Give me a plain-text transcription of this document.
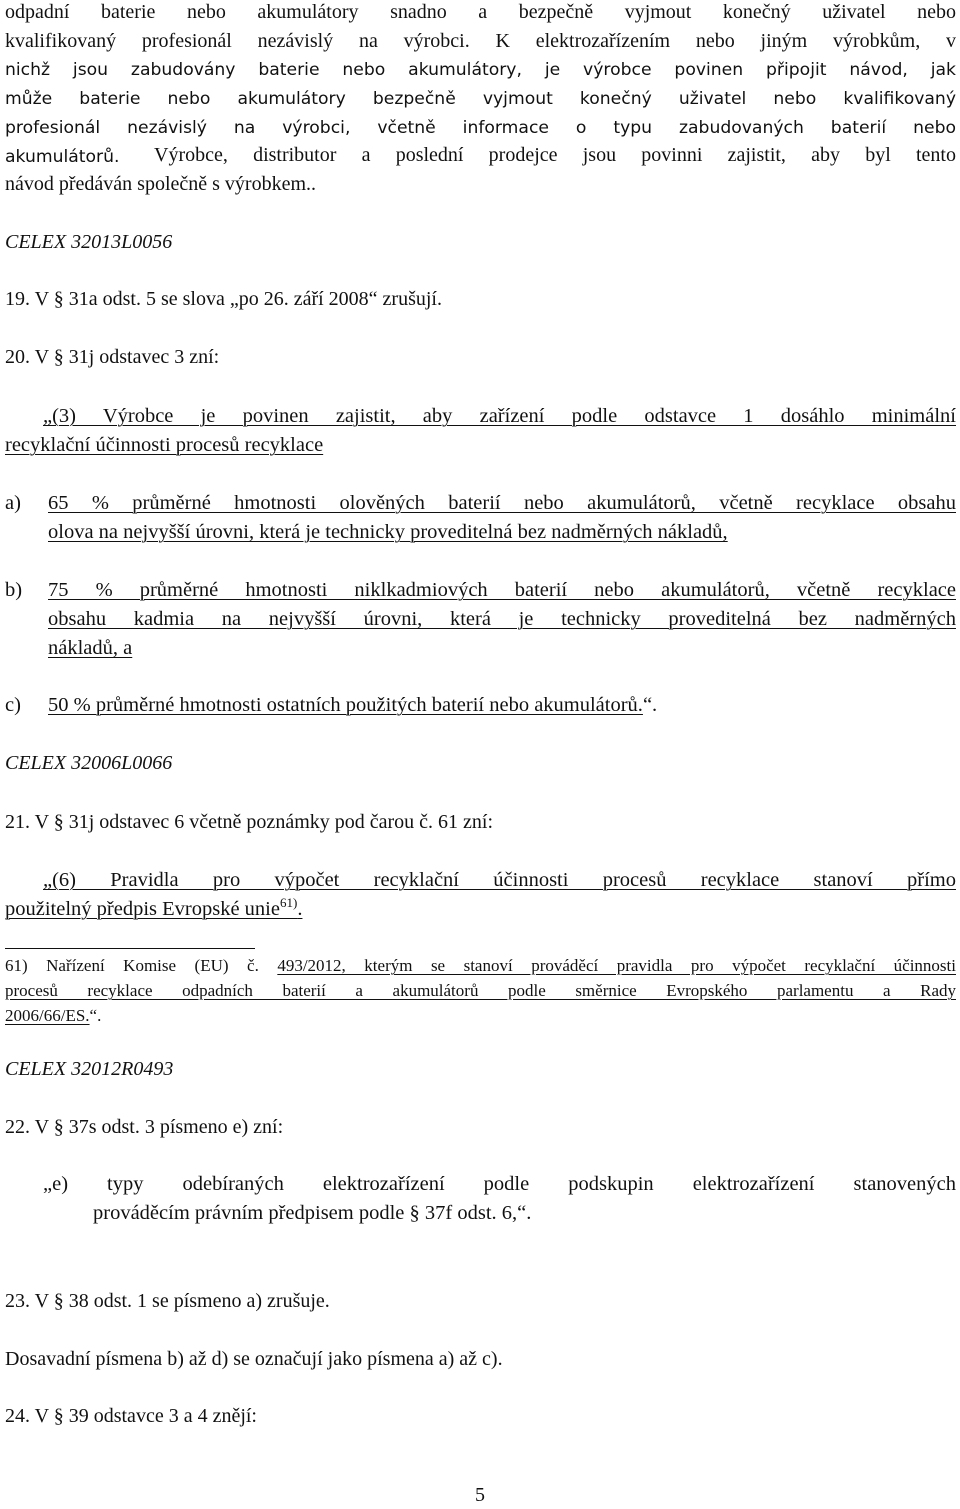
odpadní baterie nebo akumulátory snadno a bezpečně vyjmout konečný uživatel nebo
kvalifikovaný profesionál nezávislý na výrobci. K elektrozařízením nebo jiným výrobkům, v
nichž jsou zabudovány baterie nebo akumulátory, je výrobce povinen připojit návod, jak
může baterie nebo akumulátory bezpečně vyjmout konečný uživatel nebo kvalifikovaný
profesionál nezávislý na výrobci, včetně informace o typu zabudovaných baterií nebo
akumulátorů.	Výrobce, distributor a poslední prodejce jsou povinni zajistit, aby byl tento
návod předáván společně s výrobkem..
CELEX 32013L0056
19. V § 31a odst. 5 se slova „po 26. září 2008“ zrušují.
20. V § 31j odstavec 3 zní:
„(3) Výrobce je povinen zajistit, aby zařízení podle odstavce 1 dosáhlo minimální
recyklační účinnosti procesů recyklace
a) 65 % průměrné hmotnosti olověných baterií nebo akumulátorů, včetně recyklace obsahu
olova na nejvyšší úrovni, která je technicky proveditelná bez nadměrných nákladů,
b) 75 % průměrné hmotnosti niklkadmiových baterií nebo akumulátorů, včetně recyklace
obsahu kadmia na nejvyšší úrovni, která je technicky proveditelná bez nadměrných
nákladů, a
c) 50 % průměrné hmotnosti ostatních použitých baterií nebo akumulátorů.“.
CELEX 32006L0066
21. V § 31j odstavec 6 včetně poznámky pod čarou č. 61 zní:
„(6) Pravidla pro výpočet recyklační účinnosti procesů recyklace stanoví přímo
použitelný předpis Evropské unie$^{61)}$.
61) Nařízení Komise (EU) č. 493/2012, kterým se stanoví prováděcí pravidla pro výpočet recyklační účinnosti
procesů recyklace odpadních baterií a akumulátorů podle směrnice Evropského parlamentu a Rady
2006/66/ES.“.
CELEX 32012R0493
22. V § 37s odst. 3 písmeno e) zní:
„e) typy odebíraných elektrozařízení podle podskupin elektrozařízení stanovených
prováděcím právním předpisem podle § 37f odst. 6,“.
23. V § 38 odst. 1 se písmeno a) zrušuje.
Dosavadní písmena b) až d) se označují jako písmena a) až c).
24. V § 39 odstavce 3 a 4 znějí:
5
